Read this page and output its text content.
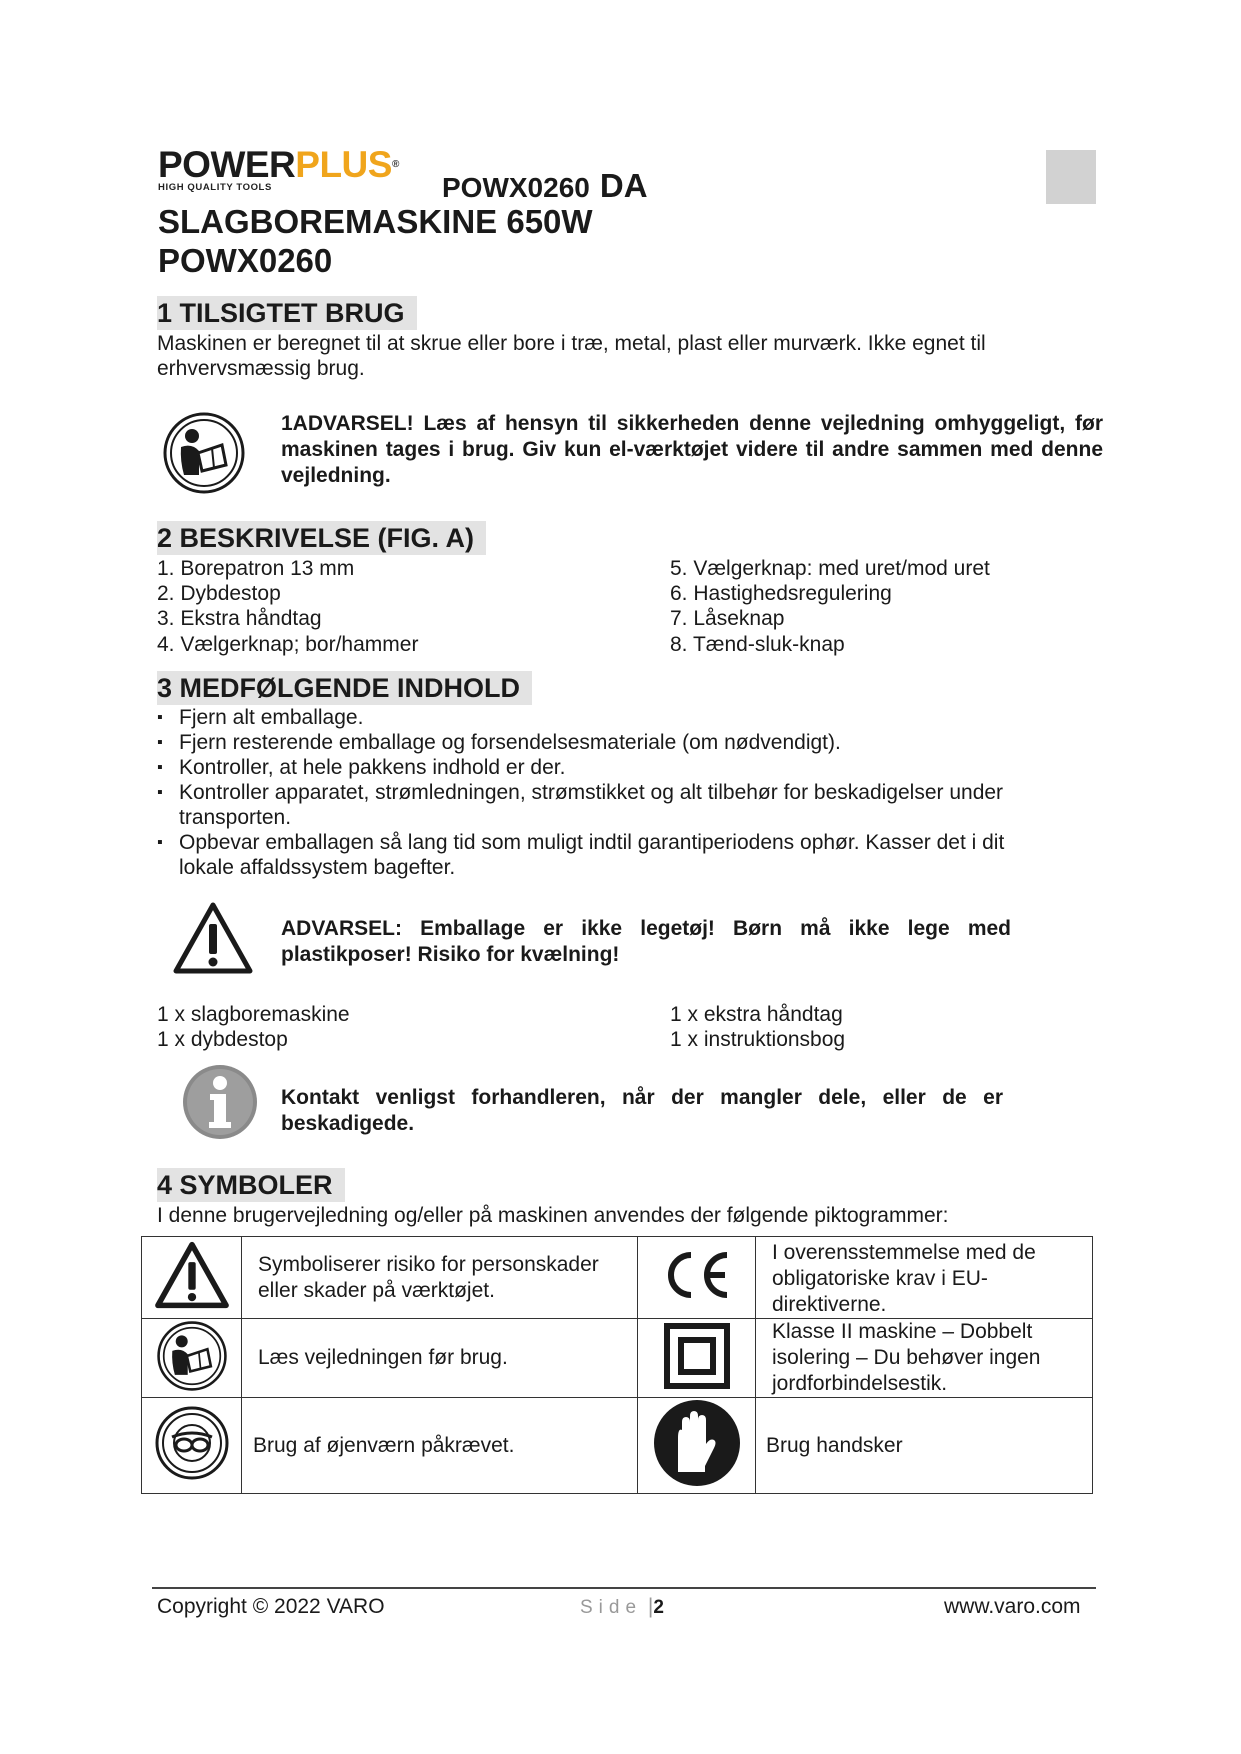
POWERPLUS®
HIGH QUALITY TOOLS	POWX0260 DA
SLAGBOREMASKINE 650W
POWX0260
1 TILSIGTET BRUG
Maskinen er beregnet til at skrue eller bore i træ, metal, plast eller murværk. Ikke egnet til
erhvervsmæssig brug.
1ADVARSEL! Læs af hensyn til sikkerheden denne vejledning omhyggeligt, før maskinen tages i brug. Giv kun el-værktøjet videre til andre sammen med denne vejledning.
2 BESKRIVELSE (FIG. A)
1. Borepatron 13 mm
2. Dybdestop
3. Ekstra håndtag
4. Vælgerknap; bor/hammer
5. Vælgerknap: med uret/mod uret
6. Hastighedsregulering
7. Låseknap
8. Tænd-sluk-knap
3 MEDFØLGENDE INDHOLD
▪ Fjern alt emballage.
▪ Fjern resterende emballage og forsendelsesmateriale (om nødvendigt).
▪ Kontroller, at hele pakkens indhold er der.
▪ Kontroller apparatet, strømledningen, strømstikket og alt tilbehør for beskadigelser under transporten.
▪ Opbevar emballagen så lang tid som muligt indtil garantiperiodens ophør. Kasser det i dit lokale affaldssystem bagefter.
ADVARSEL: Emballage er ikke legetøj! Børn må ikke lege med plastikposer! Risiko for kvælning!
1 x slagboremaskine
1 x dybdestop
1 x ekstra håndtag
1 x instruktionsbog
Kontakt venligst forhandleren, når der mangler dele, eller de er beskadigede.
4 SYMBOLER
I denne brugervejledning og/eller på maskinen anvendes der følgende piktogrammer:
	Symboliserer risiko for personskader eller skader på værktøjet.		I overensstemmelse med de obligatoriske krav i EU-direktiverne.
	Læs vejledningen før brug.		Klasse II maskine – Dobbelt isolering – Du behøver ingen jordforbindelsestik.
	Brug af øjenværn påkrævet.		Brug handsker
Copyright © 2022 VARO	Side |2	www.varo.com
